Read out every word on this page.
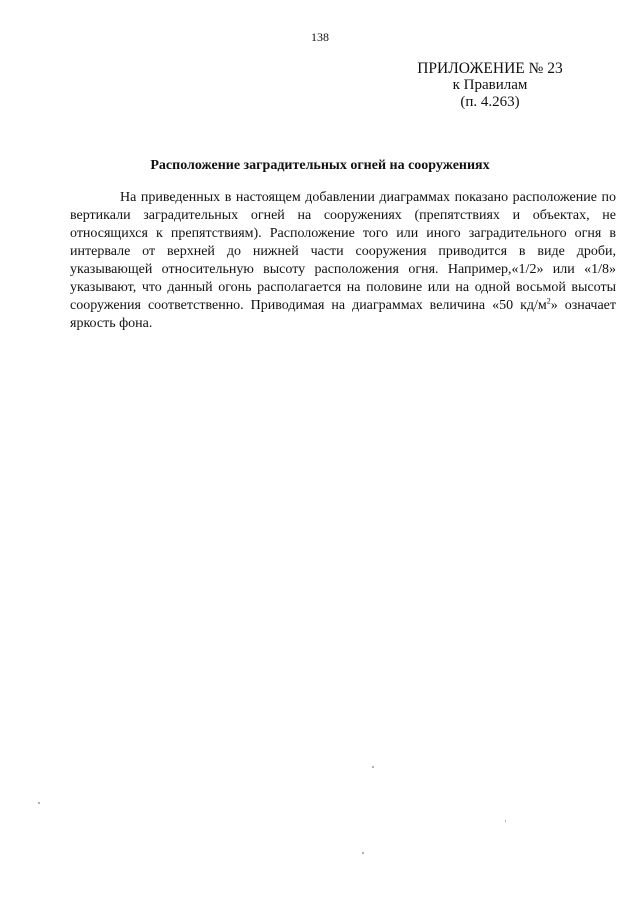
138
ПРИЛОЖЕНИЕ № 23
к Правилам
(п. 4.263)
Расположение заградительных огней на сооружениях

На приведенных в настоящем добавлении диаграммах показано расположение по вертикали заградительных огней на сооружениях (препятствиях и объектах, не относящихся к препятствиям). Расположение того или иного заградительного огня в интервале от верхней до нижней части сооружения приводится в виде дроби, указывающей относительную высоту расположения огня. Например,«1/2» или «1/8» указывают, что данный огонь располагается на половине или на одной восьмой высоты сооружения соответственно. Приводимая на диаграммах величина «50 $кд/м^2$» означает яркость фона.
